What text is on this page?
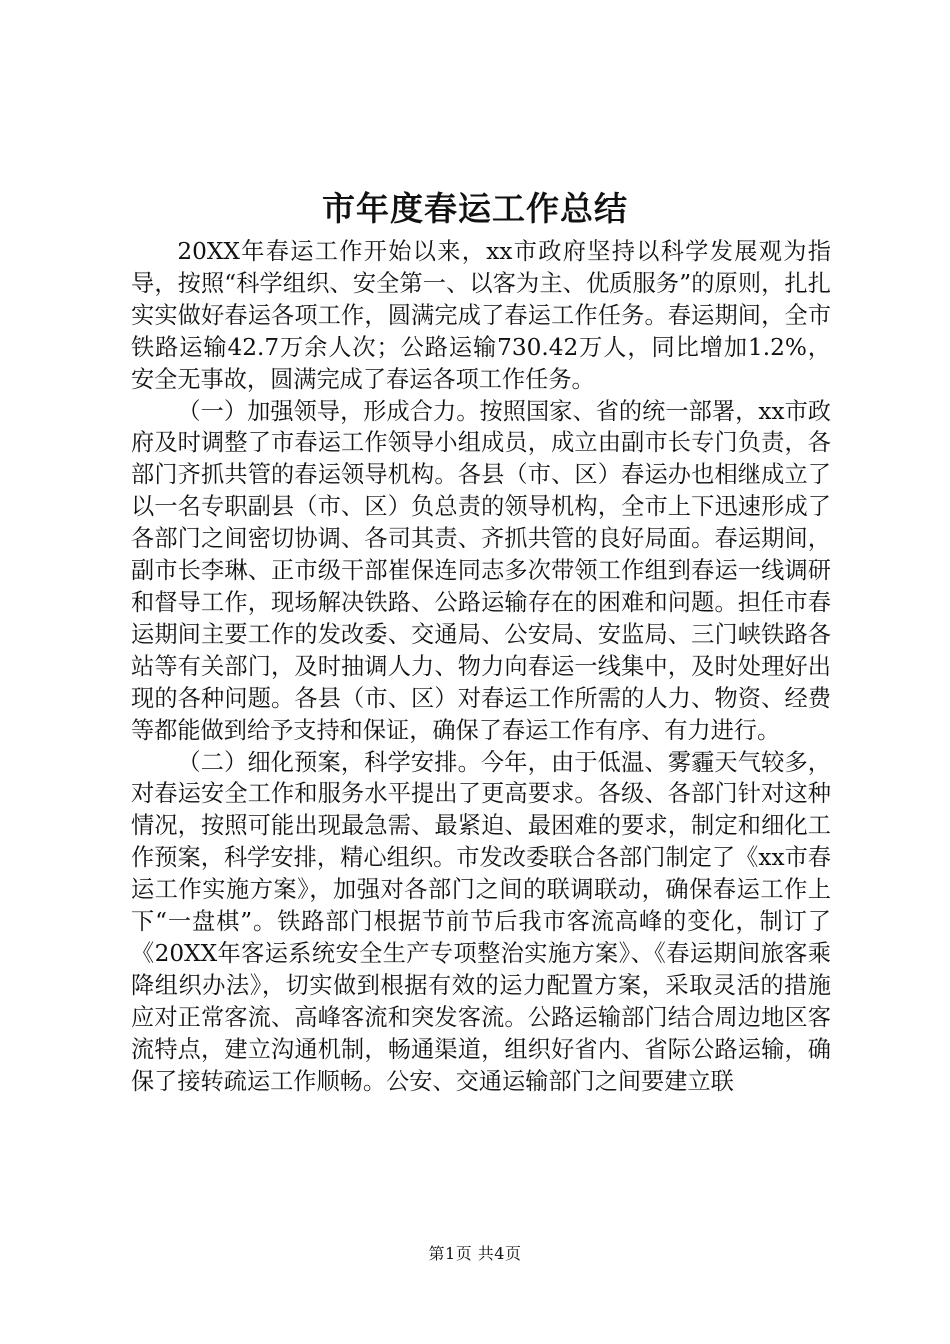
市年度春运工作总结

20XX年春运工作开始以来，xx市政府坚持以科学发展观为指导，按照“科学组织、安全第一、以客为主、优质服务”的原则，扎扎实实做好春运各项工作，圆满完成了春运工作任务。春运期间，全市铁路运输42.7万余人次；公路运输730.42万人，同比增加1.2%，安全无事故，圆满完成了春运各项工作任务。

（一）加强领导，形成合力。按照国家、省的统一部署，xx市政府及时调整了市春运工作领导小组成员，成立由副市长专门负责，各部门齐抓共管的春运领导机构。各县（市、区）春运办也相继成立了以一名专职副县（市、区）负总责的领导机构，全市上下迅速形成了各部门之间密切协调、各司其责、齐抓共管的良好局面。春运期间，副市长李琳、正市级干部崔保连同志多次带领工作组到春运一线调研和督导工作，现场解决铁路、公路运输存在的困难和问题。担任市春运期间主要工作的发改委、交通局、公安局、安监局、三门峡铁路各站等有关部门，及时抽调人力、物力向春运一线集中，及时处理好出现的各种问题。各县（市、区）对春运工作所需的人力、物资、经费等都能做到给予支持和保证，确保了春运工作有序、有力进行。

（二）细化预案，科学安排。今年，由于低温、雾霾天气较多，对春运安全工作和服务水平提出了更高要求。各级、各部门针对这种情况，按照可能出现最急需、最紧迫、最困难的要求，制定和细化工作预案，科学安排，精心组织。市发改委联合各部门制定了《xx市春运工作实施方案》，加强对各部门之间的联调联动，确保春运工作上下“一盘棋”。铁路部门根据节前节后我市客流高峰的变化，制订了《20XX年客运系统安全生产专项整治实施方案》、《春运期间旅客乘降组织办法》，切实做到根据有效的运力配置方案，采取灵活的措施应对正常客流、高峰客流和突发客流。公路运输部门结合周边地区客流特点，建立沟通机制，畅通渠道，组织好省内、省际公路运输，确保了接转疏运工作顺畅。公安、交通运输部门之间要建立联

第1页 共4页
